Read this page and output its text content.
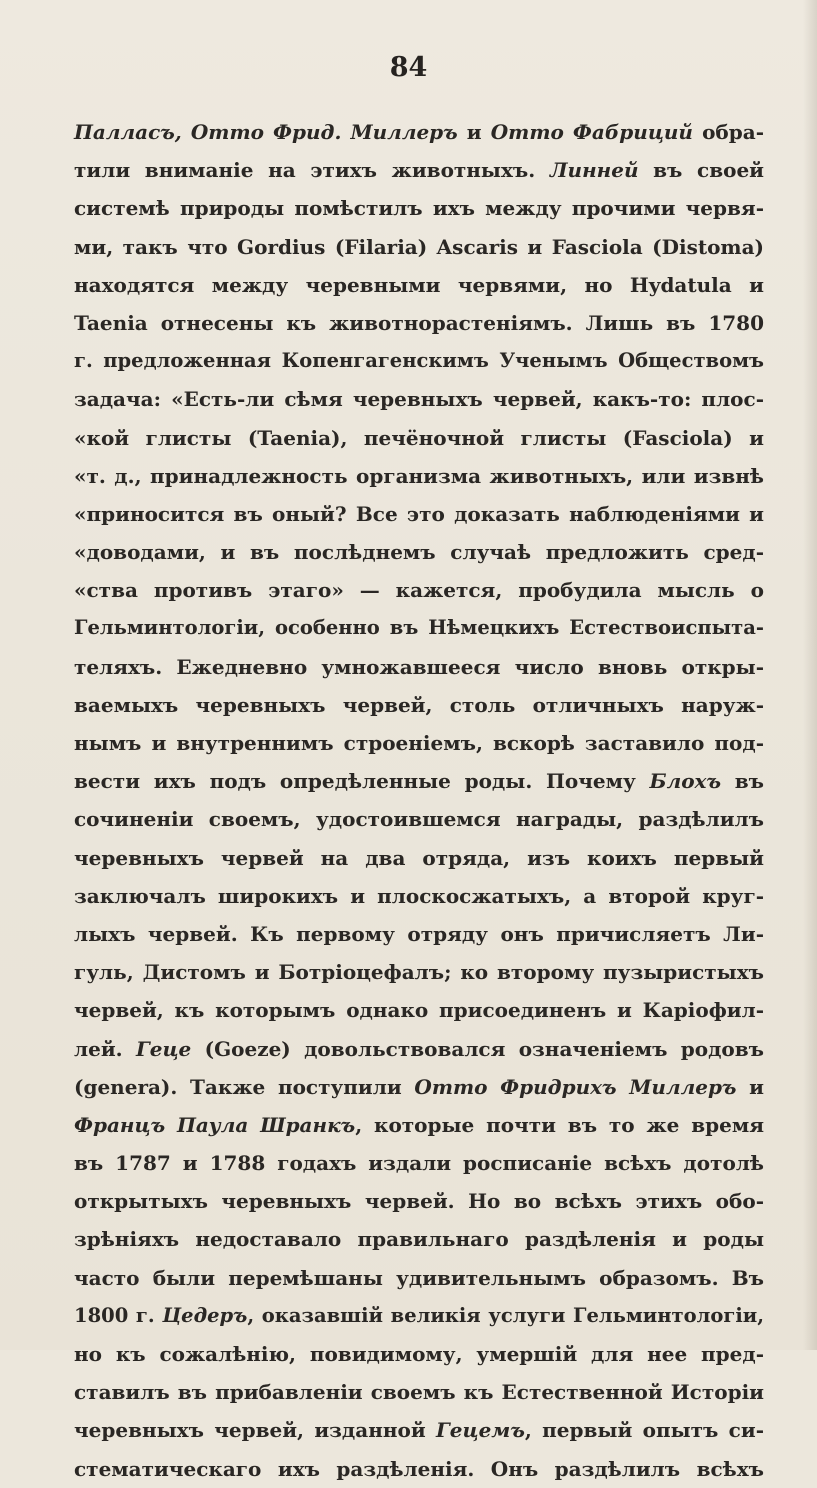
84
Палласъ, Отто Фрид. Миллеръ и Отто Фабриций обра-
тили вниманіе на этихъ животныхъ. Линней въ своей
системѣ природы помѣстилъ ихъ между прочими червя-
ми, такъ что Gordius (Filaria) Ascaris и Fasciola (Distoma)
находятся между черевными червями, но Hydatula и
Taenia отнесены къ животнорастеніямъ. Лишь въ 1780
г. предложенная Копенгагенскимъ Ученымъ Обществомъ
задача: «Есть-ли сѣмя черевныхъ червей, какъ-то: плос-
«кой глисты (Taenia), печёночной глисты (Fasciola) и
«т. д., принадлежность организма животныхъ, или извнѣ
«приносится въ оный? Все это доказать наблюденіями и
«доводами, и въ послѣднемъ случаѣ предложить сред-
«ства противъ этаго» — кажется, пробудила мысль о
Гельминтологіи, особенно въ Нѣмецкихъ Естествоиспыта-
теляхъ. Ежедневно умножавшееся число вновь откры-
ваемыхъ черевныхъ червей, столь отличныхъ наруж-
нымъ и внутреннимъ строеніемъ, вскорѣ заставило под-
вести ихъ подъ опредѣленные роды. Почему Блохъ въ
сочиненіи своемъ, удостоившемся награды, раздѣлилъ
черевныхъ червей на два отряда, изъ коихъ первый
заключалъ широкихъ и плоскосжатыхъ, а второй круг-
лыхъ червей. Къ первому отряду онъ причисляетъ Ли-
гуль, Дистомъ и Ботріоцефалъ; ко второму пузыристыхъ
червей, къ которымъ однако присоединенъ и Каріофил-
лей. Геце (Goeze) довольствовался означеніемъ родовъ
(genera). Также поступили Отто Фридрихъ Миллеръ и
Францъ Паула Шранкъ, которые почти въ то же время
въ 1787 и 1788 годахъ издали росписаніе всѣхъ дотолѣ
открытыхъ черевныхъ червей. Но во всѣхъ этихъ обо-
зрѣніяхъ недоставало правильнаго раздѣленія и роды
часто были перемѣшаны удивительнымъ образомъ. Въ
1800 г. Цедеръ, оказавшій великія услуги Гельминтологіи,
но къ сожалѣнію, повидимому, умершій для нее пред-
ставилъ въ прибавленіи своемъ къ Естественной Исторіи
черевныхъ червей, изданной Гецемъ, первый опытъ си-
стематическаго ихъ раздѣленія. Онъ раздѣлилъ всѣхъ
